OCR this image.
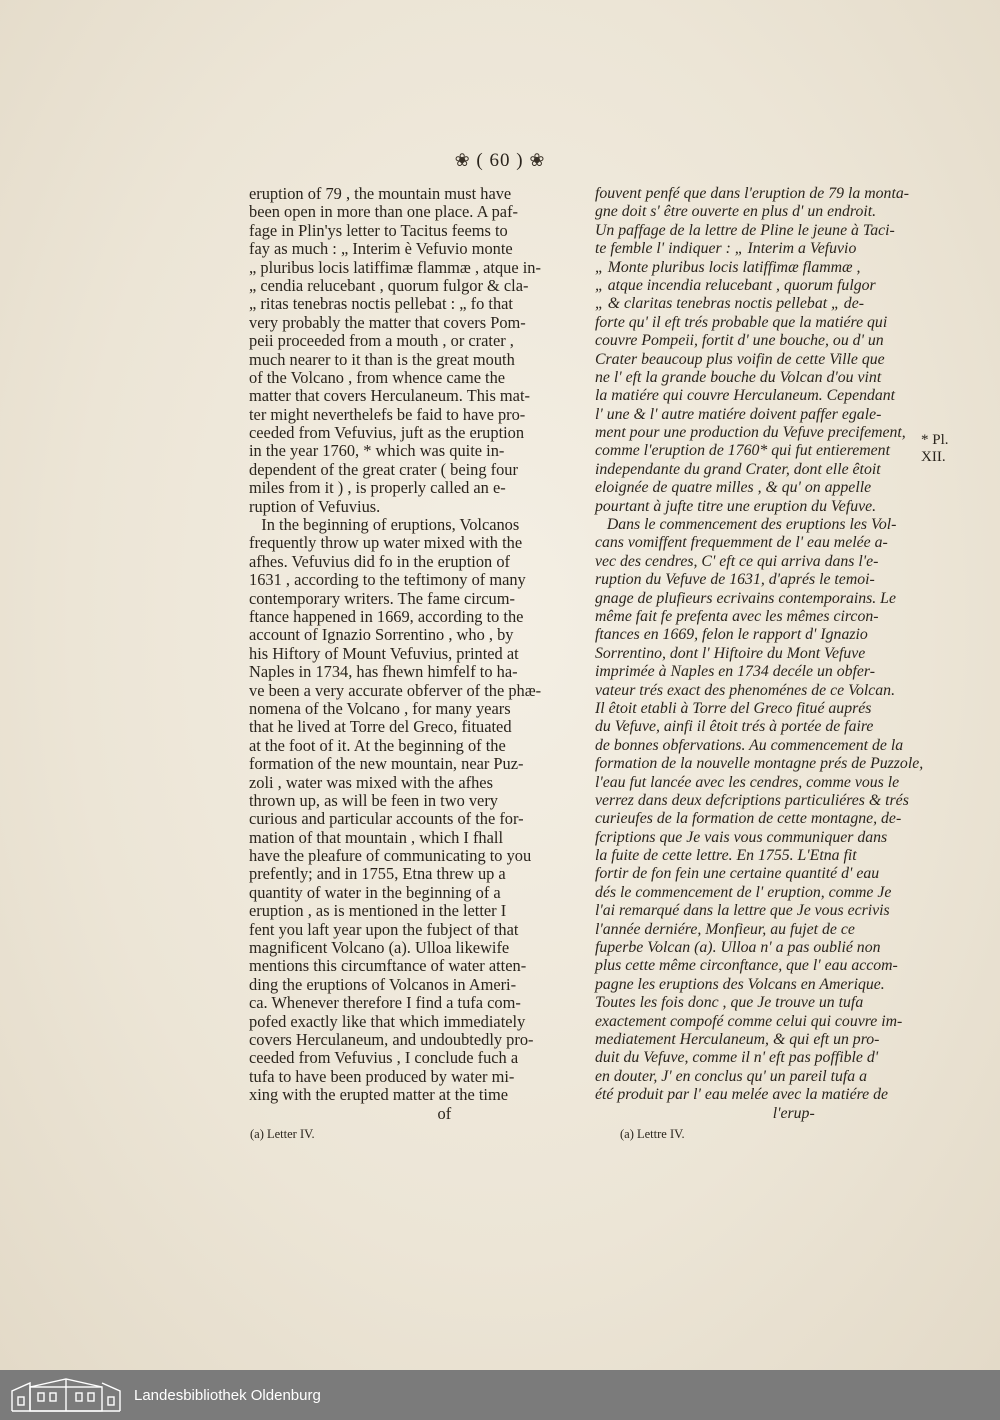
❀ ( 60 ) ❀
eruption of 79 , the mountain must have
been open in more than one place. A paf-
fage in Plin'ys letter to Tacitus feems to
fay as much : „ Interim è Vefuvio monte
„ pluribus locis latiffimæ flammæ , atque in-
„ cendia relucebant , quorum fulgor & cla-
„ ritas tenebras noctis pellebat : „ fo that
very probably the matter that covers Pom-
peii proceeded from a mouth , or crater ,
much nearer to it than is the great mouth
of the Volcano , from whence came the
matter that covers Herculaneum. This mat-
ter might neverthelefs be faid to have pro-
ceeded from Vefuvius, juft as the eruption
in the year 1760, * which was quite in-
dependent of the great crater ( being four
miles from it ) , is properly called an e-
ruption of Vefuvius.
In the beginning of eruptions, Volcanos
frequently throw up water mixed with the
afhes. Vefuvius did fo in the eruption of
1631 , according to the teftimony of many
contemporary writers. The fame circum-
ftance happened in 1669, according to the
account of Ignazio Sorrentino , who , by
his Hiftory of Mount Vefuvius, printed at
Naples in 1734, has fhewn himfelf to ha-
ve been a very accurate obferver of the phæ-
nomena of the Volcano , for many years
that he lived at Torre del Greco, fituated
at the foot of it. At the beginning of the
formation of the new mountain, near Puz-
zoli , water was mixed with the afhes
thrown up, as will be feen in two very
curious and particular accounts of the for-
mation of that mountain , which I fhall
have the pleafure of communicating to you
prefently; and in 1755, Etna threw up a
quantity of water in the beginning of a
eruption , as is mentioned in the letter I
fent you laft year upon the fubject of that
magnificent Volcano (a). Ulloa likewife
mentions this circumftance of water atten-
ding the eruptions of Volcanos in Ameri-
ca. Whenever therefore I find a tufa com-
pofed exactly like that which immediately
covers Herculaneum, and undoubtedly pro-
ceeded from Vefuvius , I conclude fuch a
tufa to have been produced by water mi-
xing with the erupted matter at the time
of
fouvent penfé que dans l'eruption de 79 la monta-
gne doit s' être ouverte en plus d' un endroit.
Un paffage de la lettre de Pline le jeune à Taci-
te femble l' indiquer : „ Interim a Vefuvio
„ Monte pluribus locis latiffimæ flammæ ,
„ atque incendia relucebant , quorum fulgor
„ & claritas tenebras noctis pellebat „ de-
forte qu' il eft trés probable que la matiére qui
couvre Pompeii, fortit d' une bouche, ou d' un
Crater beaucoup plus voifin de cette Ville que
ne l' eft la grande bouche du Volcan d'ou vint
la matiére qui couvre Herculaneum. Cependant
l' une & l' autre matiére doivent paffer egale-
ment pour une production du Vefuve precifement,
comme l'eruption de 1760* qui fut entierement
independante du grand Crater, dont elle êtoit
eloignée de quatre milles , & qu' on appelle
pourtant à jufte titre une eruption du Vefuve.
Dans le commencement des eruptions les Vol-
cans vomiffent frequemment de l' eau melée a-
vec des cendres, C' eft ce qui arriva dans l'e-
ruption du Vefuve de 1631, d'aprés le temoi-
gnage de plufieurs ecrivains contemporains. Le
même fait fe prefenta avec les mêmes circon-
ftances en 1669, felon le rapport d' Ignazio
Sorrentino, dont l' Hiftoire du Mont Vefuve
imprimée à Naples en 1734 decéle un obfer-
vateur trés exact des phenoménes de ce Volcan.
Il êtoit etabli à Torre del Greco fitué auprés
du Vefuve, ainfi il êtoit trés à portée de faire
de bonnes obfervations. Au commencement de la
formation de la nouvelle montagne prés de Puzzole,
l'eau fut lancée avec les cendres, comme vous le
verrez dans deux defcriptions particuliéres & trés
curieufes de la formation de cette montagne, de-
fcriptions que Je vais vous communiquer dans
la fuite de cette lettre. En 1755. L'Etna fit
fortir de fon fein une certaine quantité d' eau
dés le commencement de l' eruption, comme Je
l'ai remarqué dans la lettre que Je vous ecrivis
l'année derniére, Monfieur, au fujet de ce
fuperbe Volcan (a). Ulloa n' a pas oublié non
plus cette même circonftance, que l' eau accom-
pagne les eruptions des Volcans en Amerique.
Toutes les fois donc , que Je trouve un tufa
exactement compofé comme celui qui couvre im-
mediatement Herculaneum, & qui eft un pro-
duit du Vefuve, comme il n' eft pas poffible d'
en douter, J' en conclus qu' un pareil tufa a
été produit par l' eau melée avec la matiére de
l'erup-
* Pl.
XII.
(a) Letter IV.	(a) Lettre IV.
Landesbibliothek Oldenburg
